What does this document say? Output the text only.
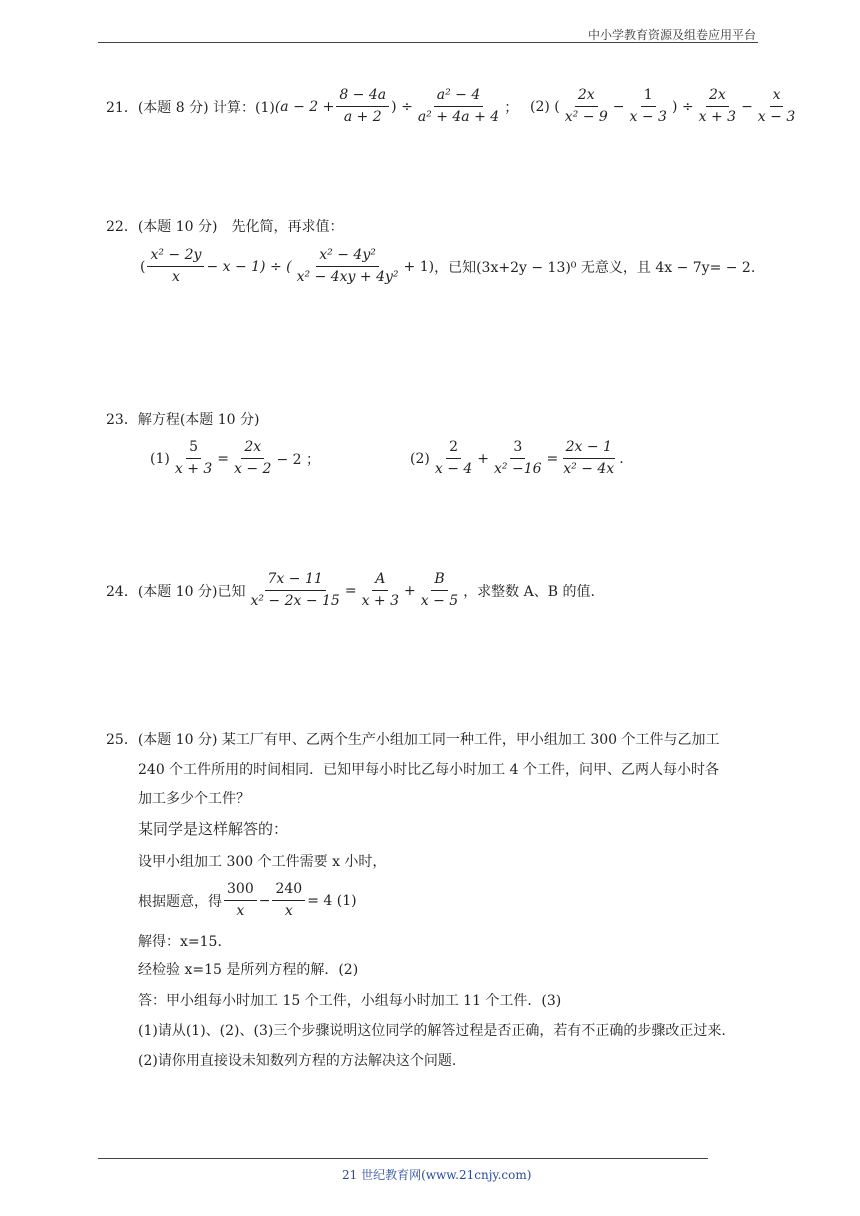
中小学教育资源及组卷应用平台
21．(本题 8 分) 计算：(1) ($a - 2 + \frac{8 - 4a}{a + 2}$ ) ÷ $\frac{\text{a² − 4}}{\text{a² + 4a + 4}}$ ； (2) ( $\frac{2x}{\text{x² − 9}} - \frac{1}{x - 3}$ ) ÷ $\frac{2x}{x + 3} - \frac{x}{x - 3}$
22．(本题 10 分)　先化简，再求值：
( $\frac{\text{x² − 2y}}{x} - x - 1$) ÷ ( $\frac{\text{x² − 4y²}}{\text{x² − 4xy + 4y²}} + 1$) ，已知(3x+2y − 13)⁰ 无意义，且 4x − 7y= − 2.
23．解方程(本题 10 分)
$(1) \frac{5}{x + 3} = \frac{2x}{x - 2} - 2$ ；	$(2) \frac{2}{x - 4} + \frac{3}{\text{x² −16}} = \frac{2x - 1}{\text{x² − 4x}}$ .
24．(本题 10 分)已知 $\frac{7x - 11}{\text{x² − 2x − 15}} = \frac{A}{x + 3} + \frac{B}{x - 5}$ ，求整数 A、B 的值.
25．(本题 10 分) 某工厂有甲、乙两个生产小组加工同一种工件，甲小组加工 300 个工件与乙加工
240 个工件所用的时间相同．已知甲每小时比乙每小时加工 4 个工件，问甲、乙两人每小时各
加工多少个工件？
某同学是这样解答的：
设甲小组加工 300 个工件需要 x 小时，
根据题意，得 $\frac{300}{x} - \frac{240}{x} = 4$ (1)
解得：x=15．
经检验 x=15 是所列方程的解．(2)
答：甲小组每小时加工 15 个工件，小组每小时加工 11 个工件．(3)
(1)请从(1)、(2)、(3)三个步骤说明这位同学的解答过程是否正确，若有不正确的步骤改正过来.
(2)请你用直接设未知数列方程的方法解决这个问题.
21 世纪教育网(www.21cnjy.com)
